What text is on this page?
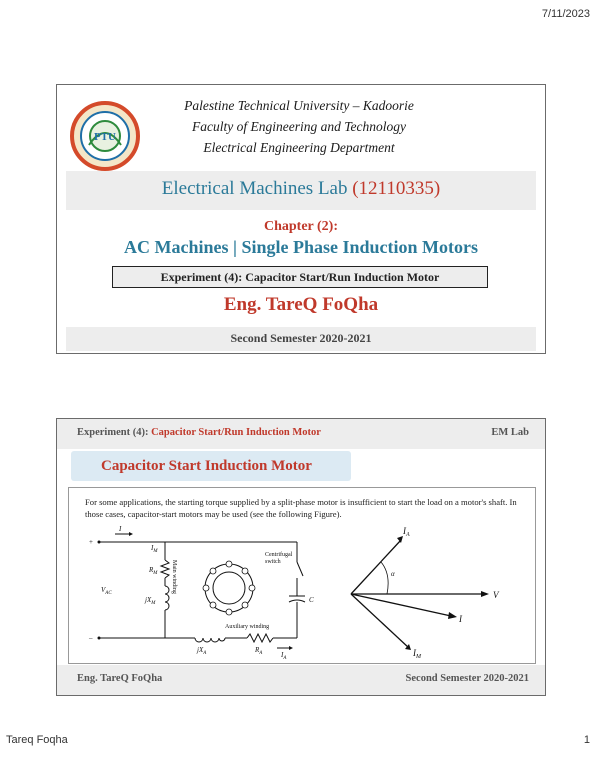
7/11/2023
PTU
Palestine Technical University – Kadoorie
Faculty of Engineering and Technology
Electrical Engineering Department
Electrical Machines Lab (12110335)
Chapter (2):
AC Machines | Single Phase Induction Motors
Experiment (4): Capacitor Start/Run Induction Motor
Eng. TareQ FoQha
Second Semester 2020-2021
Experiment (4): Capacitor Start/Run Induction Motor	EM Lab
Capacitor Start Induction Motor
For some applications, the starting torque supplied by a split-phase motor is insufficient to start the load on a motor's shaft. In those cases, capacitor-start motors may be used (see the following Figure).
+
–
I
$I_M$
$R_M$
$jX_M$
$V_{AC}$	Main winding
Centrifugal
switch
C
Auxiliary winding
$jX_A$	$R_A$	$I_A$
$I_A$
V
I
$I_M$
α
Eng. TareQ FoQha	Second Semester 2020-2021
Tareq Foqha	1
